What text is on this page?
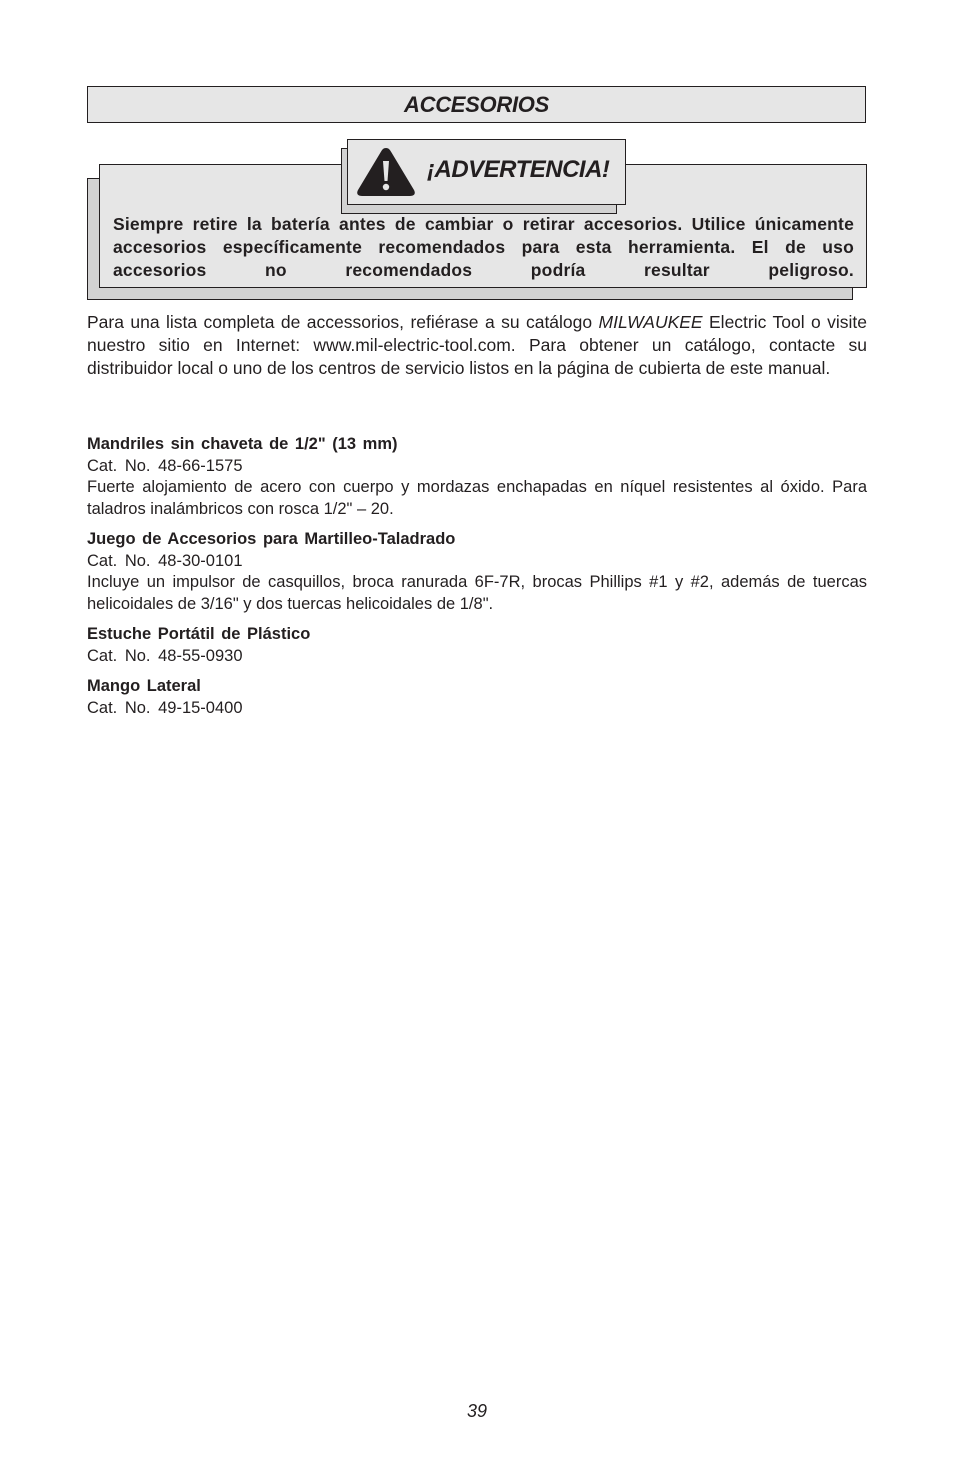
ACCESORIOS
Siempre retire la batería antes de cambiar o retirar accesorios. Utilice únicamente accesorios específicamente recomendados para esta herramienta. El de uso accesorios no recomendados podría resultar peligroso.
¡ADVERTENCIA!
Para una lista completa de accessorios, refiérase a su catálogo MILWAUKEE Electric Tool o visite nuestro sitio en Internet: www.mil-electric-tool.com. Para obtener un catálogo, contacte su distribuidor local o uno de los centros de servicio listos en la página de cubierta de este manual.
Mandriles sin chaveta de 1/2" (13 mm)
Cat. No. 48-66-1575
Fuerte alojamiento de acero con cuerpo y mordazas enchapadas en níquel resistentes al óxido. Para taladros inalámbricos con rosca 1/2" – 20.
Juego de Accesorios para Martilleo-Taladrado
Cat. No. 48-30-0101
Incluye un impulsor de casquillos, broca ranurada 6F-7R, brocas Phillips #1 y #2, además de tuercas helicoidales de 3/16" y dos tuercas helicoidales de 1/8".
Estuche Portátil de Plástico
Cat. No. 48-55-0930
Mango Lateral
Cat. No. 49-15-0400
39
